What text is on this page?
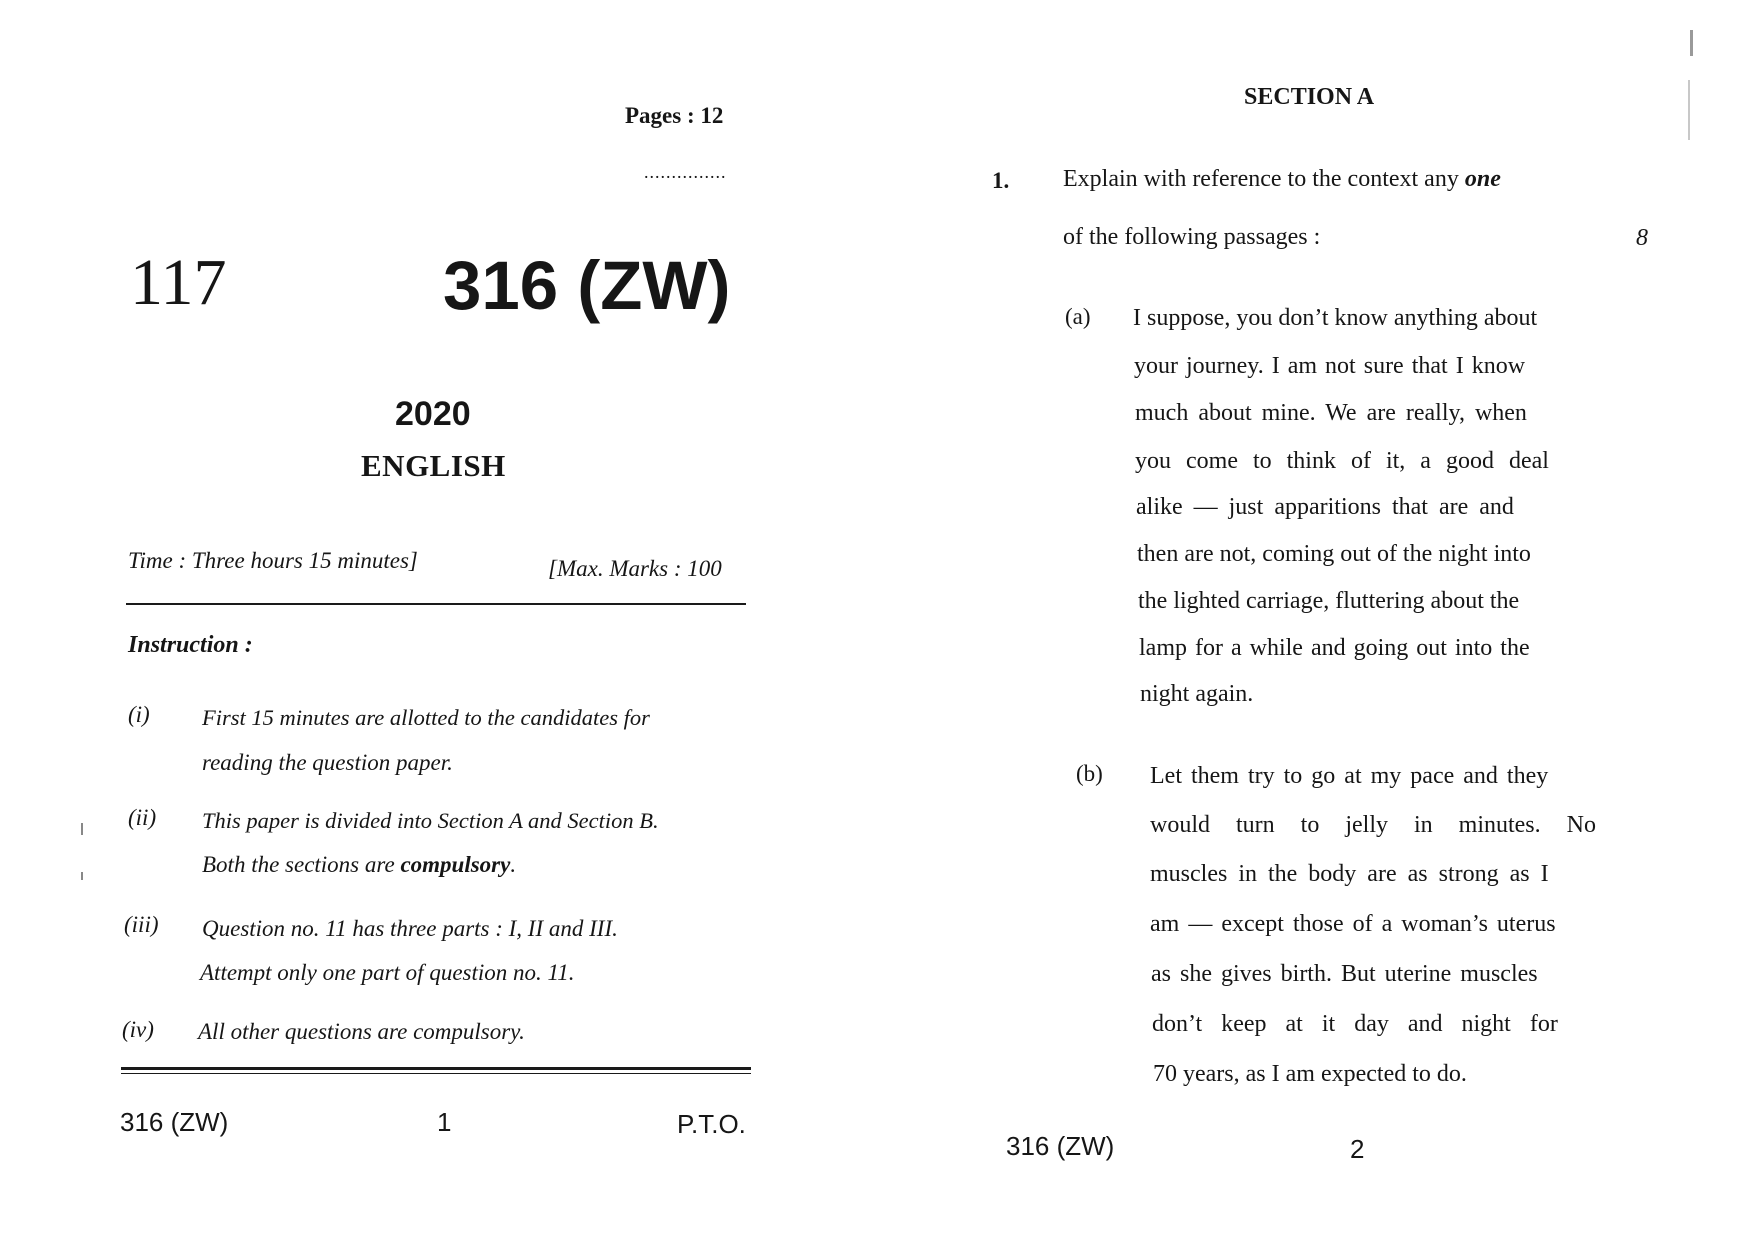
Pages : 12
...............
117	316 (ZW)
2020
ENGLISH
Time : Three hours 15 minutes]	[Max. Marks : 100
Instruction :
(i) First 15 minutes are allotted to the candidates for
reading the question paper.
(ii) This paper is divided into Section A and Section B.
Both the sections are compulsory.
(iii) Question no. 11 has three parts : I, II and III.
Attempt only one part of question no. 11.
(iv) All other questions are compulsory.
316 (ZW)	1	P.T.O.
SECTION A
1. Explain with reference to the context any one
of the following passages :	8
(a) I suppose, you don’t know anything about
your journey. I am not sure that I know
much about mine. We are really, when
you come to think of it, a good deal
alike — just apparitions that are and
then are not, coming out of the night into
the lighted carriage, fluttering about the
lamp for a while and going out into the
night again.
(b) Let them try to go at my pace and they
would turn to jelly in minutes. No
muscles in the body are as strong as I
am — except those of a woman’s uterus
as she gives birth. But uterine muscles
don’t keep at it day and night for
70 years, as I am expected to do.
316 (ZW)	2
